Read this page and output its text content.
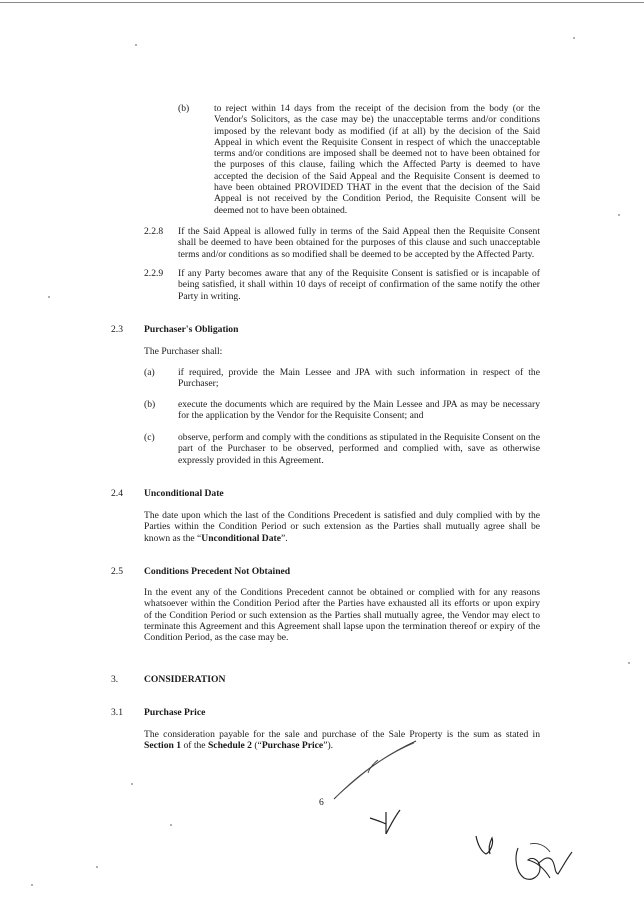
(b)	to reject within 14 days from the receipt of the decision from the body (or the Vendor's Solicitors, as the case may be) the unacceptable terms and/or conditions imposed by the relevant body as modified (if at all) by the decision of the Said Appeal in which event the Requisite Consent in respect of which the unacceptable terms and/or conditions are imposed shall be deemed not to have been obtained for the purposes of this clause, failing which the Affected Party is deemed to have accepted the decision of the Said Appeal and the Requisite Consent is deemed to have been obtained PROVIDED THAT in the event that the decision of the Said Appeal is not received by the Condition Period, the Requisite Consent will be deemed not to have been obtained.
2.2.8 If the Said Appeal is allowed fully in terms of the Said Appeal then the Requisite Consent shall be deemed to have been obtained for the purposes of this clause and such unacceptable terms and/or conditions as so modified shall be deemed to be accepted by the Affected Party.
2.2.9 If any Party becomes aware that any of the Requisite Consent is satisfied or is incapable of being satisfied, it shall within 10 days of receipt of confirmation of the same notify the other Party in writing.
2.3 Purchaser's Obligation
The Purchaser shall:
(a) if required, provide the Main Lessee and JPA with such information in respect of the Purchaser;
(b) execute the documents which are required by the Main Lessee and JPA as may be necessary for the application by the Vendor for the Requisite Consent; and
(c) observe, perform and comply with the conditions as stipulated in the Requisite Consent on the part of the Purchaser to be observed, performed and complied with, save as otherwise expressly provided in this Agreement.
2.4 Unconditional Date
The date upon which the last of the Conditions Precedent is satisfied and duly complied with by the Parties within the Condition Period or such extension as the Parties shall mutually agree shall be known as the “Unconditional Date”.
2.5 Conditions Precedent Not Obtained
In the event any of the Conditions Precedent cannot be obtained or complied with for any reasons whatsoever within the Condition Period after the Parties have exhausted all its efforts or upon expiry of the Condition Period or such extension as the Parties shall mutually agree, the Vendor may elect to terminate this Agreement and this Agreement shall lapse upon the termination thereof or expiry of the Condition Period, as the case may be.
3.	CONSIDERATION
3.1 Purchase Price
The consideration payable for the sale and purchase of the Sale Property is the sum as stated in Section 1 of the Schedule 2 (“Purchase Price”).
6
